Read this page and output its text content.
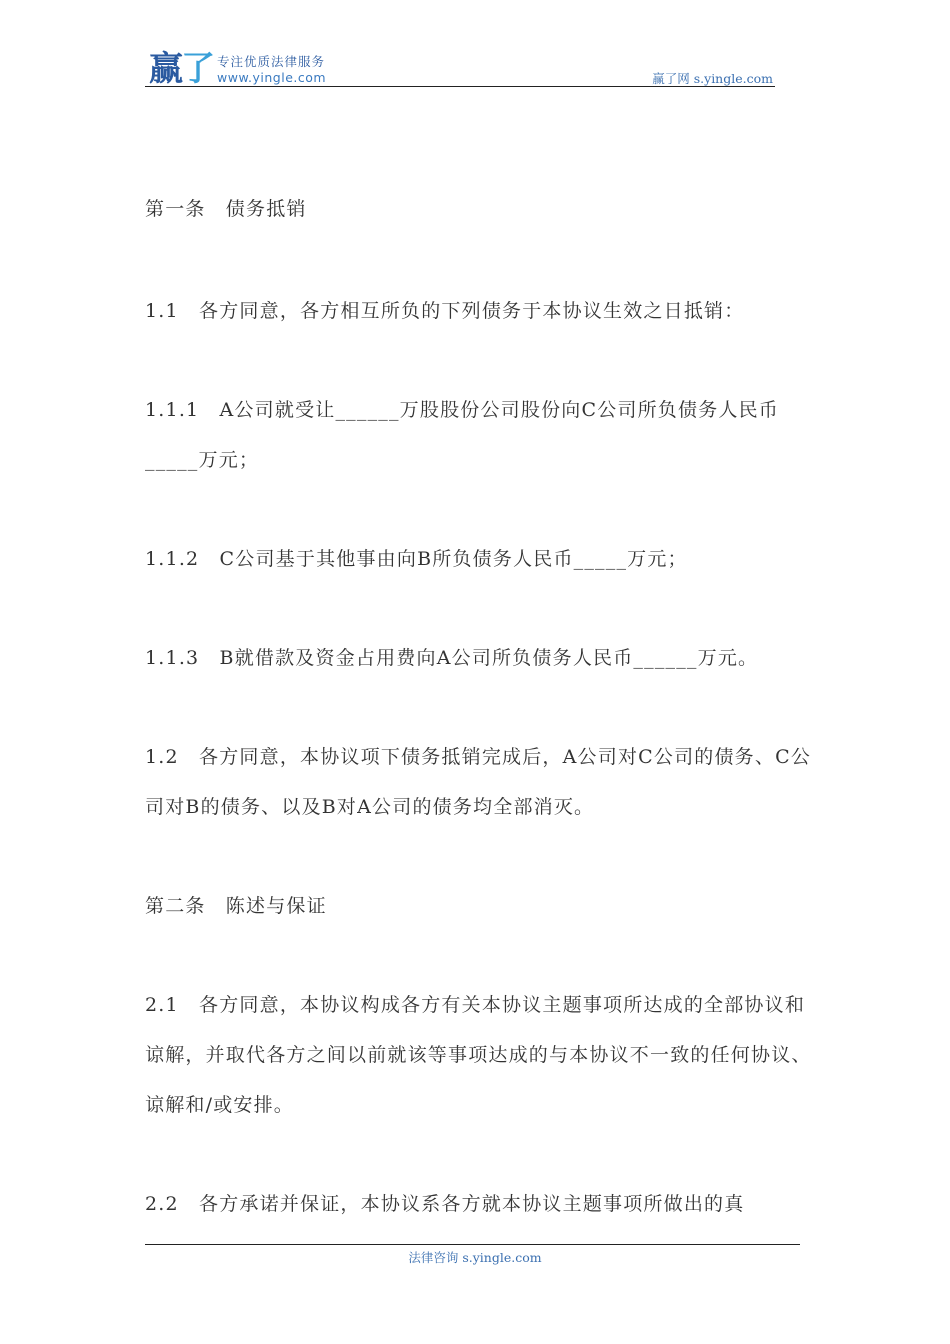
赢了 专注优质法律服务
www.yingle.com	赢了网 s.yingle.com

第一条　债务抵销

1.1　各方同意，各方相互所负的下列债务于本协议生效之日抵销：

1.1.1　A公司就受让______万股股份公司股份向C公司所负债务人民币_____万元；

1.1.2　C公司基于其他事由向B所负债务人民币_____万元；

1.1.3　B就借款及资金占用费向A公司所负债务人民币______万元。

1.2　各方同意，本协议项下债务抵销完成后，A公司对C公司的债务、C公司对B的债务、以及B对A公司的债务均全部消灭。

第二条　陈述与保证

2.1　各方同意，本协议构成各方有关本协议主题事项所达成的全部协议和谅解，并取代各方之间以前就该等事项达成的与本协议不一致的任何协议、谅解和/或安排。

2.2　各方承诺并保证，本协议系各方就本协议主题事项所做出的真

法律咨询 s.yingle.com
